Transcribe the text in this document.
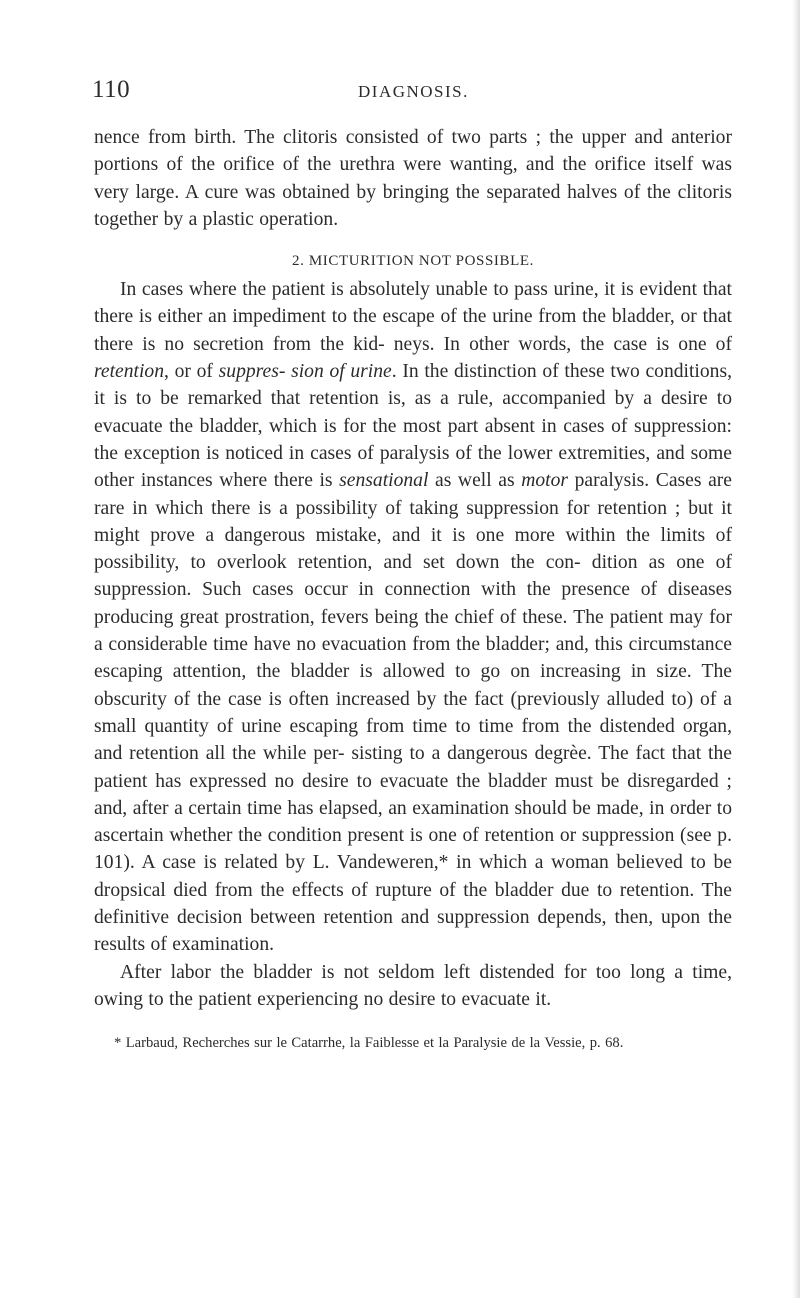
110	DIAGNOSIS.

nence from birth. The clitoris consisted of two parts ; the upper and anterior portions of the orifice of the urethra were wanting, and the orifice itself was very large. A cure was obtained by bringing the separated halves of the clitoris together by a plastic operation.

2. MICTURITION NOT POSSIBLE.

In cases where the patient is absolutely unable to pass urine, it is evident that there is either an impediment to the escape of the urine from the bladder, or that there is no secretion from the kid- neys. In other words, the case is one of retention, or of suppres- sion of urine. In the distinction of these two conditions, it is to be remarked that retention is, as a rule, accompanied by a desire to evacuate the bladder, which is for the most part absent in cases of suppression: the exception is noticed in cases of paralysis of the lower extremities, and some other instances where there is sensational as well as motor paralysis. Cases are rare in which there is a possibility of taking suppression for retention ; but it might prove a dangerous mistake, and it is one more within the limits of possibility, to overlook retention, and set down the con- dition as one of suppression. Such cases occur in connection with the presence of diseases producing great prostration, fevers being the chief of these. The patient may for a considerable time have no evacuation from the bladder; and, this circumstance escaping attention, the bladder is allowed to go on increasing in size. The obscurity of the case is often increased by the fact (previously alluded to) of a small quantity of urine escaping from time to time from the distended organ, and retention all the while per- sisting to a dangerous degrèe. The fact that the patient has expressed no desire to evacuate the bladder must be disregarded ; and, after a certain time has elapsed, an examination should be made, in order to ascertain whether the condition present is one of retention or suppression (see p. 101). A case is related by L. Vandeweren,* in which a woman believed to be dropsical died from the effects of rupture of the bladder due to retention. The definitive decision between retention and suppression depends, then, upon the results of examination.

After labor the bladder is not seldom left distended for too long a time, owing to the patient experiencing no desire to evacuate it.

* Larbaud, Recherches sur le Catarrhe, la Faiblesse et la Paralysie de la Vessie, p. 68.
